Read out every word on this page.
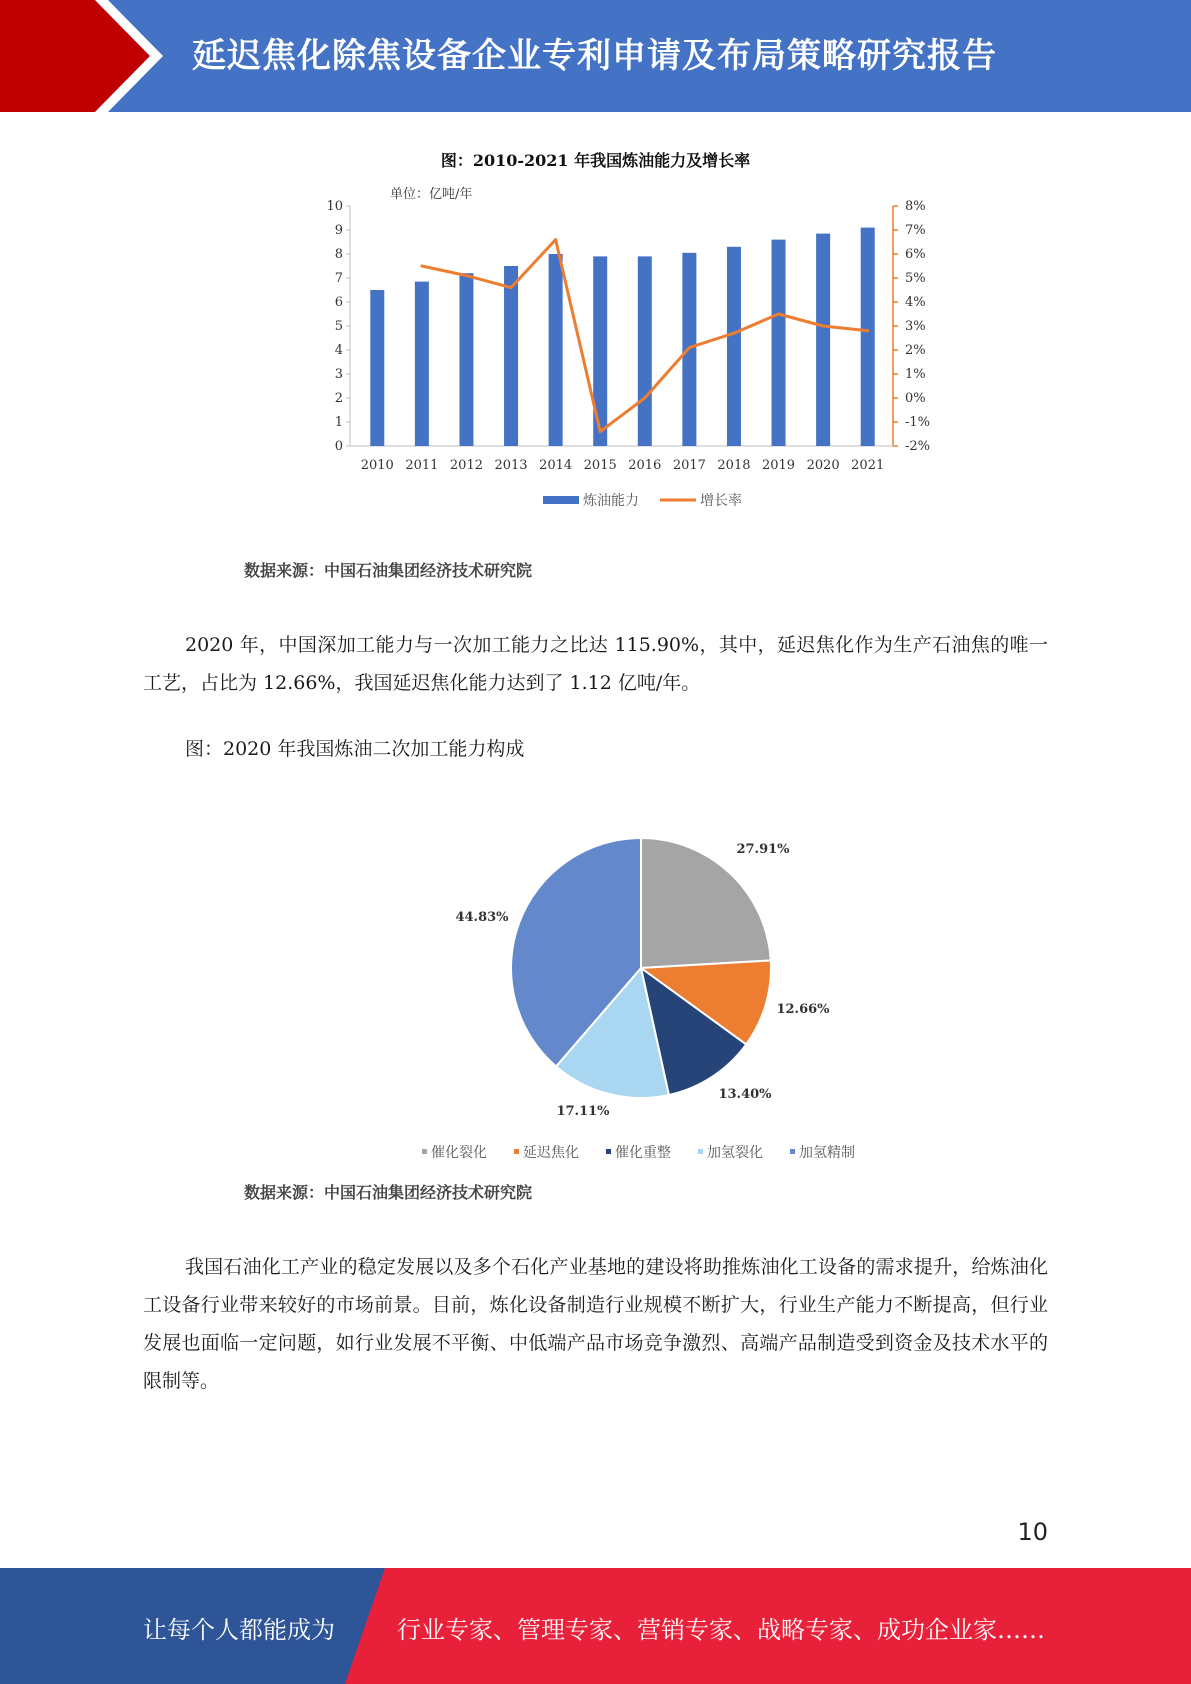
延迟焦化除焦设备企业专利申请及布局策略研究报告
图：2010-2021 年我国炼油能力及增长率
单位：亿吨/年
0
1
2
3
4
5
6
7
8
9
10
-2%
-1%
0%
1%
2%
3%
4%
5%
6%
7%
8%
2010 2011 2012 2013 2014 2015 2016 2017 2018 2019 2020 2021
炼油能力	增长率
数据来源：中国石油集团经济技术研究院
2020 年，中国深加工能力与一次加工能力之比达 115.90%，其中，延迟焦化作为生产石油焦的唯一工艺，占比为 12.66%，我国延迟焦化能力达到了 1.12 亿吨/年。
图：2020 年我国炼油二次加工能力构成
27.91%
12.66%
13.40%
17.11%
44.83%
催化裂化	延迟焦化	催化重整	加氢裂化	加氢精制
数据来源：中国石油集团经济技术研究院
我国石油化工产业的稳定发展以及多个石化产业基地的建设将助推炼油化工设备的需求提升，给炼油化工设备行业带来较好的市场前景。目前，炼化设备制造行业规模不断扩大，行业生产能力不断提高，但行业发展也面临一定问题，如行业发展不平衡、中低端产品市场竞争激烈、高端产品制造受到资金及技术水平的限制等。
10
让每个人都能成为	行业专家、管理专家、营销专家、战略专家、成功企业家……
